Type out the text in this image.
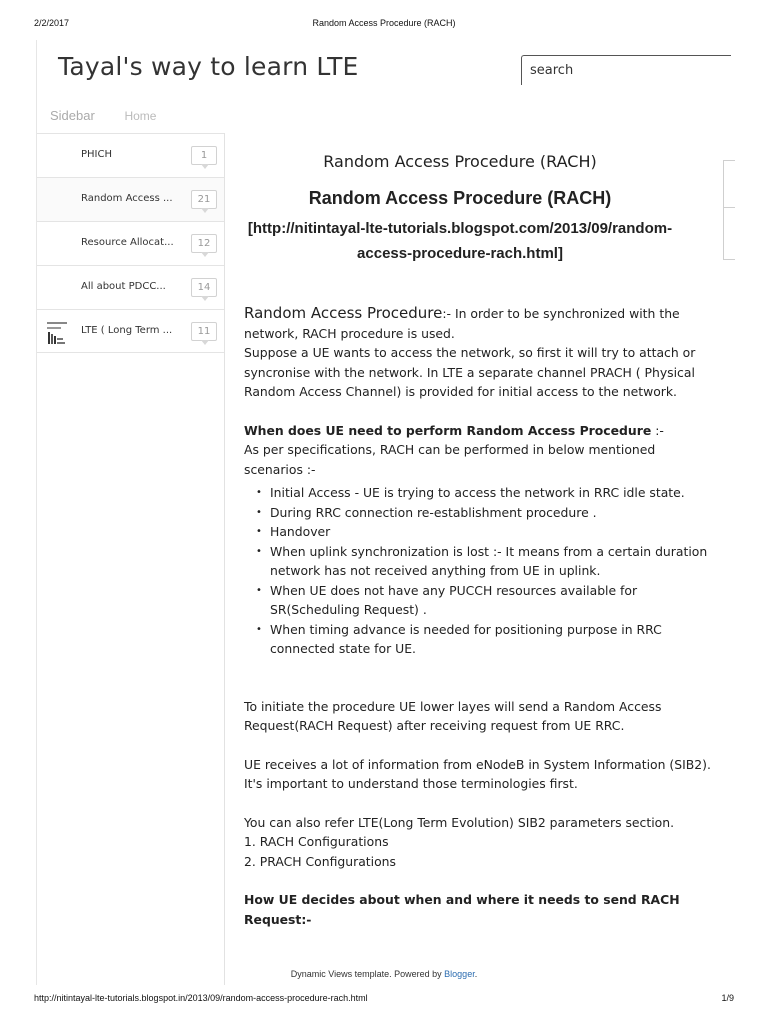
2/2/2017	Random Access Procedure (RACH)
Tayal's way to learn LTE
search
Sidebar Home
PHICH	1
Random Access ...	21
Resource Allocat...	12
All about PDCC...	14
LTE ( Long Term ...	11
Random Access Procedure (RACH)
Random Access Procedure (RACH)
[http://nitintayal-lte-tutorials.blogspot.com/2013/09/random-access-procedure-rach.html]

Random Access Procedure:- In order to be synchronized with the network, RACH procedure is used.

Suppose a UE wants to access the network, so first it will try to attach or syncronise with the network. In LTE a separate channel PRACH ( Physical Random Access Channel) is provided for initial access to the network.

When does UE need to perform Random Access Procedure :-

As per specifications, RACH can be performed in below mentioned scenarios :-

• Initial Access - UE is trying to access the network in RRC idle state.
• During RRC connection re-establishment procedure .
• Handover
• When uplink synchronization is lost :- It means from a certain duration network has not received anything from UE in uplink.
• When UE does not have any PUCCH resources available for SR(Scheduling Request) .
• When timing advance is needed for positioning purpose in RRC connected state for UE.

To initiate the procedure UE lower layes will send a Random Access Request(RACH Request) after receiving request from UE RRC.

UE receives a lot of information from eNodeB in System Information (SIB2). It's important to understand those terminologies first.

You can also refer LTE(Long Term Evolution) SIB2 parameters section.

1. RACH Configurations

2. PRACH Configurations

How UE decides about when and where it needs to send RACH Request:-

Dynamic Views template. Powered by Blogger.
http://nitintayal-lte-tutorials.blogspot.in/2013/09/random-access-procedure-rach.html	1/9
